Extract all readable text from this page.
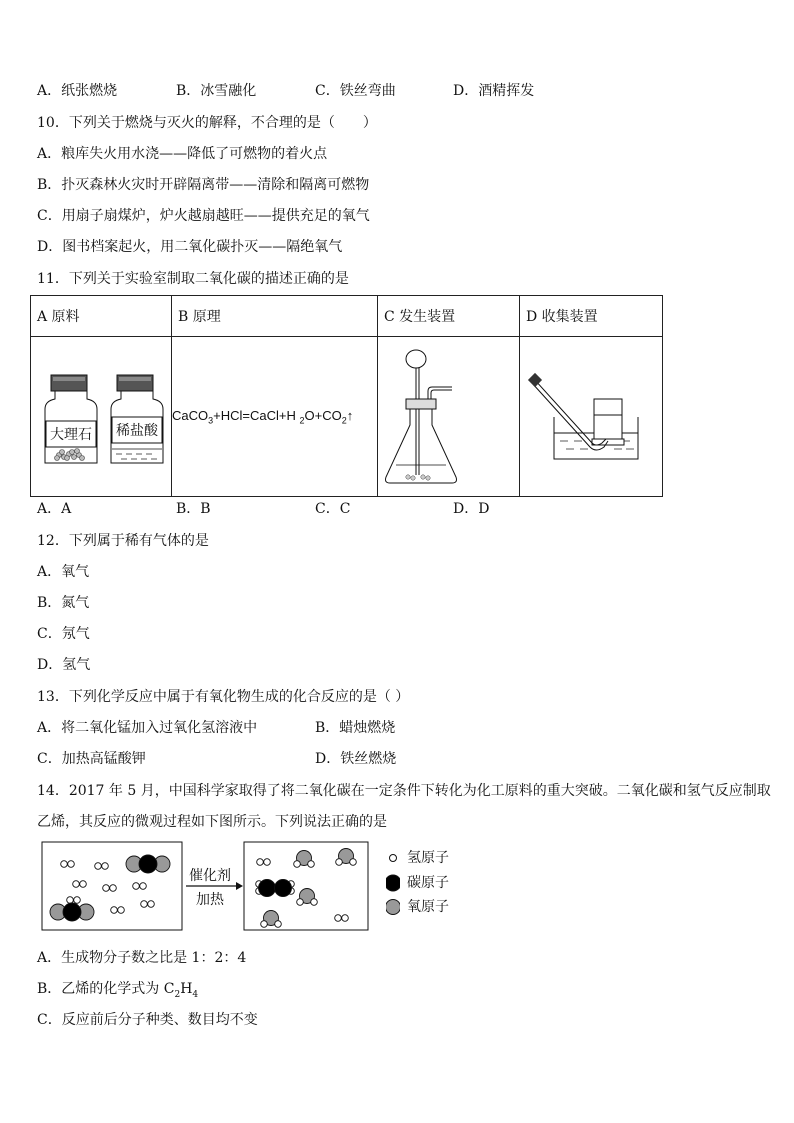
A．纸张燃烧	B．冰雪融化	C．铁丝弯曲	D．酒精挥发
10．下列关于燃烧与灭火的解释，不合理的是（　　）
A．粮库失火用水浇——降低了可燃物的着火点
B．扑灭森林火灾时开辟隔离带——清除和隔离可燃物
C．用扇子扇煤炉，炉火越扇越旺——提供充足的氧气
D．图书档案起火，用二氧化碳扑灭——隔绝氧气
11．下列关于实验室制取二氧化碳的描述正确的是
A 原料	B 原理	C 发生装置	D 收集装置

大理石 稀盐酸	CaCO$_3$+HCl=CaCl+H $_2O+CO_2↑$		
A．A	B．B	C．C	D．D
12．下列属于稀有气体的是
A．氧气
B．氮气
C．氖气
D．氢气
13．下列化学反应中属于有氧化物生成的化合反应的是（ ）
A．将二氧化锰加入过氧化氢溶液中	B．蜡烛燃烧
C．加热高锰酸钾	D．铁丝燃烧
14．2017 年 5 月，中国科学家取得了将二氧化碳在一定条件下转化为化工原料的重大突破。二氧化碳和氢气反应制取
乙烯，其反应的微观过程如下图所示。下列说法正确的是
催化剂
加热
氢原子
碳原子
氧原子
A．生成物分子数之比是 1：2：4
B．乙烯的化学式为 $C_2H_4$
C．反应前后分子种类、数目均不变
